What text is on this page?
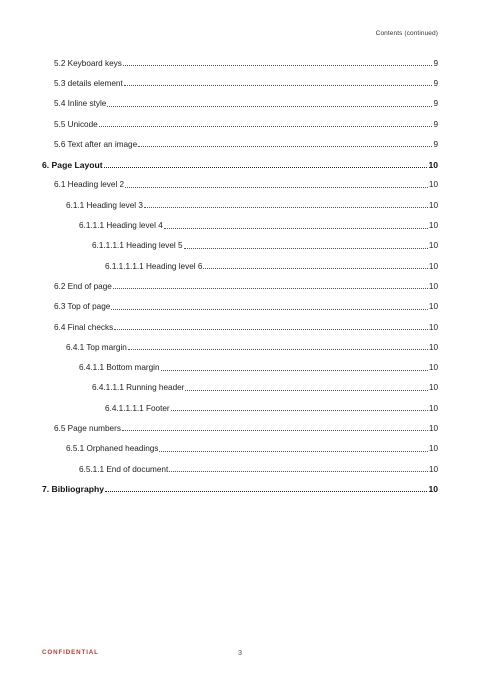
Contents (continued)
5.2 Keyboard keys	9
5.3 details element	9
5.4 Inline style	9
5.5 Unicode	9
5.6 Text after an image	9
6. Page Layout	10
6.1 Heading level 2	10
6.1.1 Heading level 3	10
6.1.1.1 Heading level 4	10
6.1.1.1.1 Heading level 5	10
6.1.1.1.1.1 Heading level 6	10
6.2 End of page	10
6.3 Top of page	10
6.4 Final checks	10
6.4.1 Top margin	10
6.4.1.1 Bottom margin	10
6.4.1.1.1 Running header	10
6.4.1.1.1.1 Footer	10
6.5 Page numbers	10
6.5.1 Orphaned headings	10
6.5.1.1 End of document	10
7. Bibliography	10
CONFIDENTIAL	3
